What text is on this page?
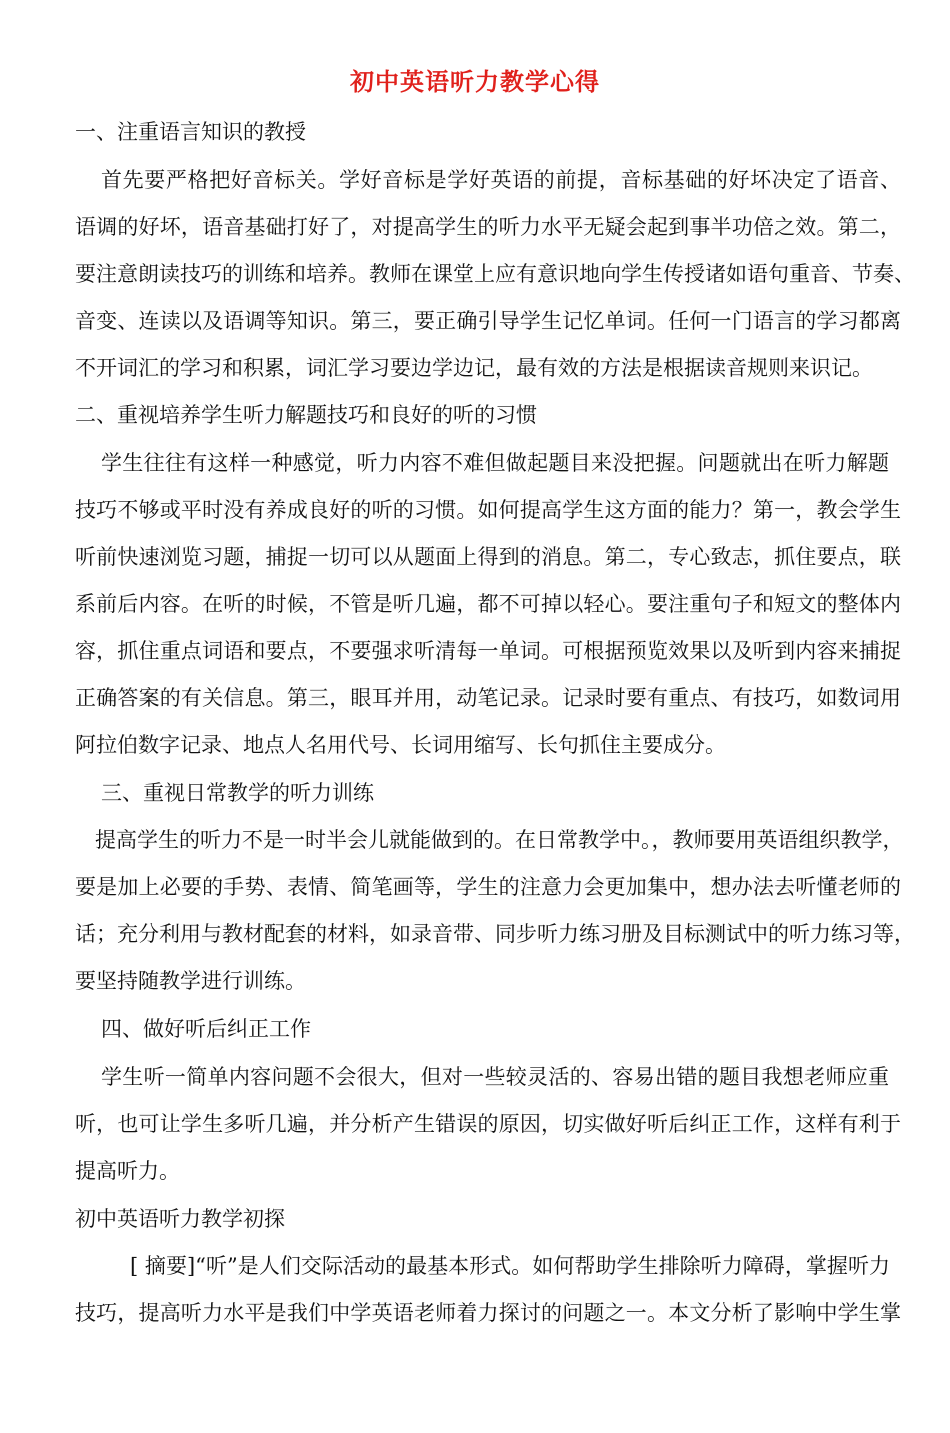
初中英语听力教学心得
一、注重语言知识的教授
首先要严格把好音标关。学好音标是学好英语的前提，音标基础的好坏决定了语音、
语调的好坏，语音基础打好了，对提高学生的听力水平无疑会起到事半功倍之效。第二，
要注意朗读技巧的训练和培养。教师在课堂上应有意识地向学生传授诸如语句重音、节奏、
音变、连读以及语调等知识。第三，要正确引导学生记忆单词。任何一门语言的学习都离
不开词汇的学习和积累，词汇学习要边学边记，最有效的方法是根据读音规则来识记。
二、重视培养学生听力解题技巧和良好的听的习惯
学生往往有这样一种感觉，听力内容不难但做起题目来没把握。问题就出在听力解题
技巧不够或平时没有养成良好的听的习惯。如何提高学生这方面的能力？第一，教会学生
听前快速浏览习题，捕捉一切可以从题面上得到的消息。第二，专心致志，抓住要点，联
系前后内容。在听的时候，不管是听几遍，都不可掉以轻心。要注重句子和短文的整体内
容，抓住重点词语和要点，不要强求听清每一单词。可根据预览效果以及听到内容来捕捉
正确答案的有关信息。第三，眼耳并用，动笔记录。记录时要有重点、有技巧，如数词用
阿拉伯数字记录、地点人名用代号、长词用缩写、长句抓住主要成分。
三、重视日常教学的听力训练
提高学生的听力不是一时半会儿就能做到的。在日常教学中。，教师要用英语组织教学，
要是加上必要的手势、表情、简笔画等，学生的注意力会更加集中，想办法去听懂老师的
话；充分利用与教材配套的材料，如录音带、同步听力练习册及目标测试中的听力练习等，
要坚持随教学进行训练。
四、做好听后纠正工作
学生听一简单内容问题不会很大，但对一些较灵活的、容易出错的题目我想老师应重
听，也可让学生多听几遍，并分析产生错误的原因，切实做好听后纠正工作，这样有利于
提高听力。
初中英语听力教学初探
[ 摘要]“听”是人们交际活动的最基本形式。如何帮助学生排除听力障碍，掌握听力
技巧，提高听力水平是我们中学英语老师着力探讨的问题之一。本文分析了影响中学生掌
